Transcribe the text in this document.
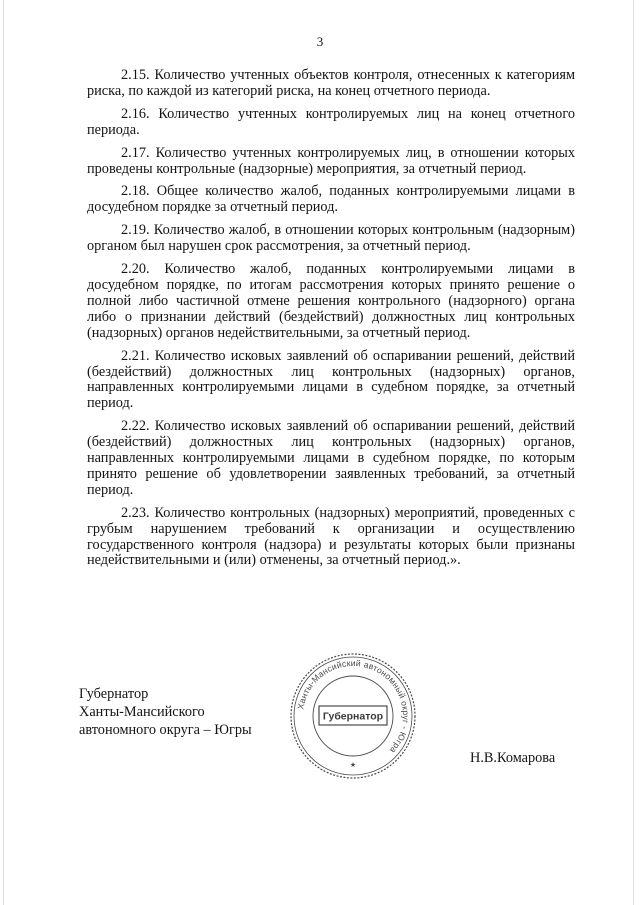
3

2.15. Количество учтенных объектов контроля, отнесенных к категориям риска, по каждой из категорий риска, на конец отчетного периода.

2.16. Количество учтенных контролируемых лиц на конец отчетного периода.

2.17. Количество учтенных контролируемых лиц, в отношении которых проведены контрольные (надзорные) мероприятия, за отчетный период.

2.18. Общее количество жалоб, поданных контролируемыми лицами в досудебном порядке за отчетный период.

2.19. Количество жалоб, в отношении которых контрольным (надзорным) органом был нарушен срок рассмотрения, за отчетный период.

2.20. Количество жалоб, поданных контролируемыми лицами в досудебном порядке, по итогам рассмотрения которых принято решение о полной либо частичной отмене решения контрольного (надзорного) органа либо о признании действий (бездействий) должностных лиц контрольных (надзорных) органов недействительными, за отчетный период.

2.21. Количество исковых заявлений об оспаривании решений, действий (бездействий) должностных лиц контрольных (надзорных) органов, направленных контролируемыми лицами в судебном порядке, за отчетный период.

2.22. Количество исковых заявлений об оспаривании решений, действий (бездействий) должностных лиц контрольных (надзорных) органов, направленных контролируемыми лицами в судебном порядке, по которым принято решение об удовлетворении заявленных требований, за отчетный период.

2.23. Количество контрольных (надзорных) мероприятий, проведенных с грубым нарушением требований к организации и осуществлению государственного контроля (надзора) и результаты которых были признаны недействительными и (или) отменены, за отчетный период.».

Губернатор
Ханты-Мансийского
автономного округа – Югры
Ханты-Мансийский автономный округ - Югра
Губернатор
★	Н.В.Комарова
